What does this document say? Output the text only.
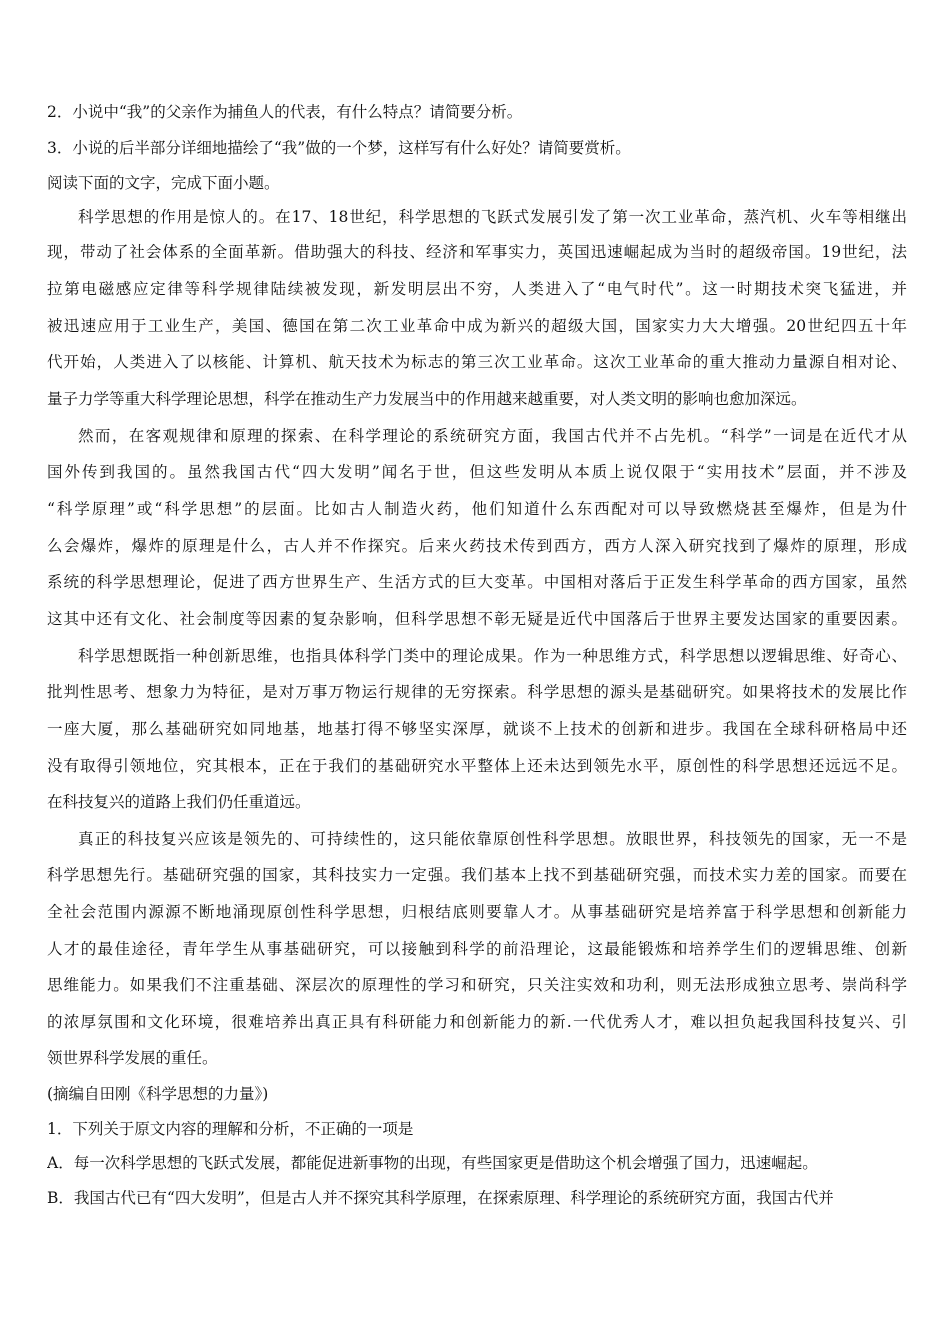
2．小说中“我”的父亲作为捕鱼人的代表，有什么特点？请简要分析。
3．小说的后半部分详细地描绘了“我”做的一个梦，这样写有什么好处？请简要赏析。
阅读下面的文字，完成下面小题。
科学思想的作用是惊人的。在17、18世纪，科学思想的飞跃式发展引发了第一次工业革命，蒸汽机、火车等相继出
现，带动了社会体系的全面革新。借助强大的科技、经济和军事实力，英国迅速崛起成为当时的超级帝国。19世纪，法
拉第电磁感应定律等科学规律陆续被发现，新发明层出不穷，人类进入了“电气时代”。这一时期技术突飞猛进，并
被迅速应用于工业生产，美国、德国在第二次工业革命中成为新兴的超级大国，国家实力大大增强。20世纪四五十年
代开始，人类进入了以核能、计算机、航天技术为标志的第三次工业革命。这次工业革命的重大推动力量源自相对论、
量子力学等重大科学理论思想，科学在推动生产力发展当中的作用越来越重要，对人类文明的影响也愈加深远。
然而，在客观规律和原理的探索、在科学理论的系统研究方面，我国古代并不占先机。“科学”一词是在近代才从
国外传到我国的。虽然我国古代“四大发明”闻名于世，但这些发明从本质上说仅限于“实用技术”层面，并不涉及
“科学原理”或“科学思想”的层面。比如古人制造火药，他们知道什么东西配对可以导致燃烧甚至爆炸，但是为什
么会爆炸，爆炸的原理是什么，古人并不作探究。后来火药技术传到西方，西方人深入研究找到了爆炸的原理，形成
系统的科学思想理论，促进了西方世界生产、生活方式的巨大变革。中国相对落后于正发生科学革命的西方国家，虽然
这其中还有文化、社会制度等因素的复杂影响，但科学思想不彰无疑是近代中国落后于世界主要发达国家的重要因素。
科学思想既指一种创新思维，也指具体科学门类中的理论成果。作为一种思维方式，科学思想以逻辑思维、好奇心、
批判性思考、想象力为特征，是对万事万物运行规律的无穷探索。科学思想的源头是基础研究。如果将技术的发展比作
一座大厦，那么基础研究如同地基，地基打得不够坚实深厚，就谈不上技术的创新和进步。我国在全球科研格局中还
没有取得引领地位，究其根本，正在于我们的基础研究水平整体上还未达到领先水平，原创性的科学思想还远远不足。
在科技复兴的道路上我们仍任重道远。
真正的科技复兴应该是领先的、可持续性的，这只能依靠原创性科学思想。放眼世界，科技领先的国家，无一不是
科学思想先行。基础研究强的国家，其科技实力一定强。我们基本上找不到基础研究强，而技术实力差的国家。而要在
全社会范围内源源不断地涌现原创性科学思想，归根结底则要靠人才。从事基础研究是培养富于科学思想和创新能力
人才的最佳途径，青年学生从事基础研究，可以接触到科学的前沿理论，这最能锻炼和培养学生们的逻辑思维、创新
思维能力。如果我们不注重基础、深层次的原理性的学习和研究，只关注实效和功利，则无法形成独立思考、崇尚科学
的浓厚氛围和文化环境，很难培养出真正具有科研能力和创新能力的新.一代优秀人才，难以担负起我国科技复兴、引
领世界科学发展的重任。
(摘编自田刚《科学思想的力量》)
1．下列关于原文内容的理解和分析，不正确的一项是
A．每一次科学思想的飞跃式发展，都能促进新事物的出现，有些国家更是借助这个机会增强了国力，迅速崛起。
B．我国古代已有“四大发明”，但是古人并不探究其科学原理，在探索原理、科学理论的系统研究方面，我国古代并
